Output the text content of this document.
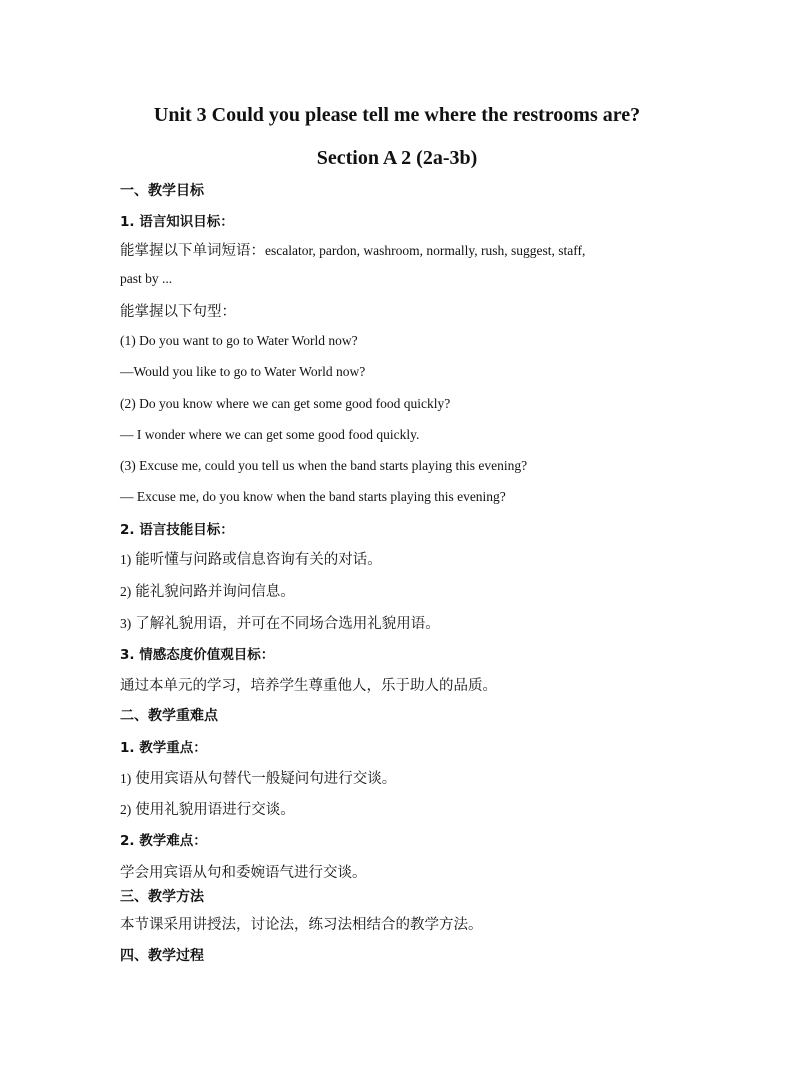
Unit 3 Could you please tell me where the restrooms are?
Section A 2 (2a-3b)
一、教学目标
1. 语言知识目标：
能掌握以下单词短语：escalator, pardon, washroom, normally, rush, suggest, staff,
past by ...
能掌握以下句型：
(1) Do you want to go to Water World now?
—Would you like to go to Water World now?
(2) Do you know where we can get some good food quickly?
— I wonder where we can get some good food quickly.
(3) Excuse me, could you tell us when the band starts playing this evening?
— Excuse me, do you know when the band starts playing this evening?
2. 语言技能目标：
1) 能听懂与问路或信息咨询有关的对话。
2) 能礼貌问路并询问信息。
3) 了解礼貌用语，并可在不同场合选用礼貌用语。
3. 情感态度价值观目标：
通过本单元的学习，培养学生尊重他人，乐于助人的品质。
二、教学重难点
1. 教学重点：
1) 使用宾语从句替代一般疑问句进行交谈。
2) 使用礼貌用语进行交谈。
2. 教学难点：
学会用宾语从句和委婉语气进行交谈。
三、教学方法
本节课采用讲授法，讨论法，练习法相结合的教学方法。
四、教学过程
